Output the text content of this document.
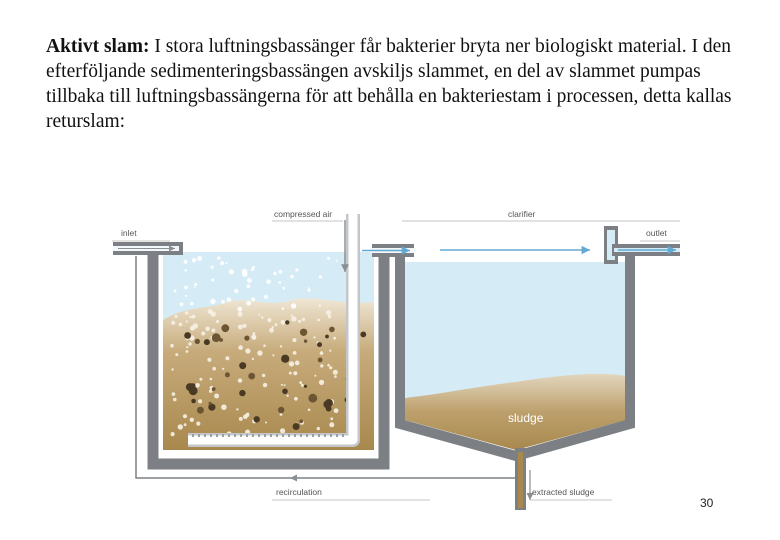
Aktivt slam: I stora luftningsbassänger får bakterier bryta ner biologiskt material. I den efterföljande sedimenteringsbassängen avskiljs slammet, en del av slammet pumpas tillbaka till luftningsbassängerna för att behålla en bakteriestam i processen, detta kallas returslam:
inlet
compressed air	clarifier
outlet
sludge
recirculation	extracted sludge
30
